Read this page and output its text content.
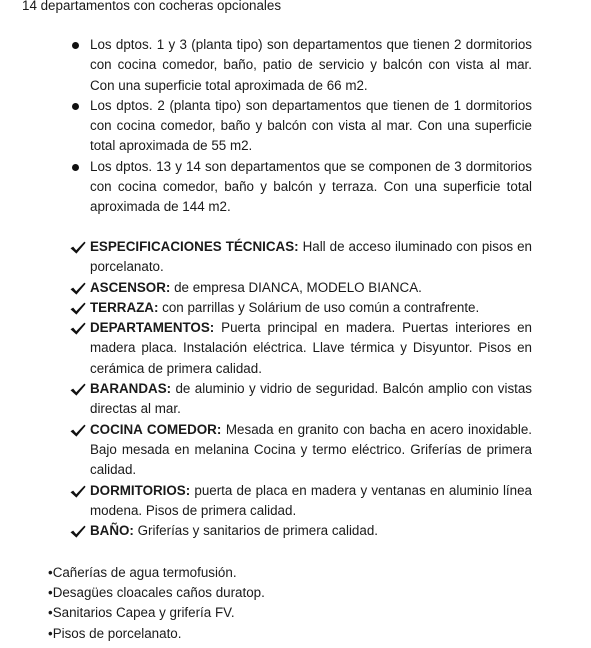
14 departamentos con cocheras opcionales

Los dptos. 1 y 3 (planta tipo) son departamentos que tienen 2 dormitorios con cocina comedor, baño, patio de servicio y balcón con vista al mar. Con una superficie total aproximada de 66 m2.
Los dptos. 2 (planta tipo) son departamentos que tienen de 1 dormitorios con cocina comedor, baño y balcón con vista al mar. Con una superficie total aproximada de 55 m2.
Los dptos. 13 y 14 son departamentos que se componen de 3 dormitorios con cocina comedor, baño y balcón y terraza. Con una superficie total aproximada de 144 m2.
ESPECIFICACIONES TÉCNICAS: Hall de acceso iluminado con pisos en porcelanato.
ASCENSOR: de empresa DIANCA, MODELO BIANCA.
TERRAZA: con parrillas y Solárium de uso común a contrafrente.
DEPARTAMENTOS: Puerta principal en madera. Puertas interiores en madera placa. Instalación eléctrica. Llave térmica y Disyuntor. Pisos en cerámica de primera calidad.
BARANDAS: de aluminio y vidrio de seguridad. Balcón amplio con vistas directas al mar.
COCINA COMEDOR: Mesada en granito con bacha en acero inoxidable. Bajo mesada en melanina Cocina y termo eléctrico. Griferías de primera calidad.
DORMITORIOS: puerta de placa en madera y ventanas en aluminio línea modena. Pisos de primera calidad.
BAÑO: Griferías y sanitarios de primera calidad.
•Cañerías de agua termofusión.
•Desagües cloacales caños duratop.
•Sanitarios Capea y grifería FV.
•Pisos de porcelanato.
